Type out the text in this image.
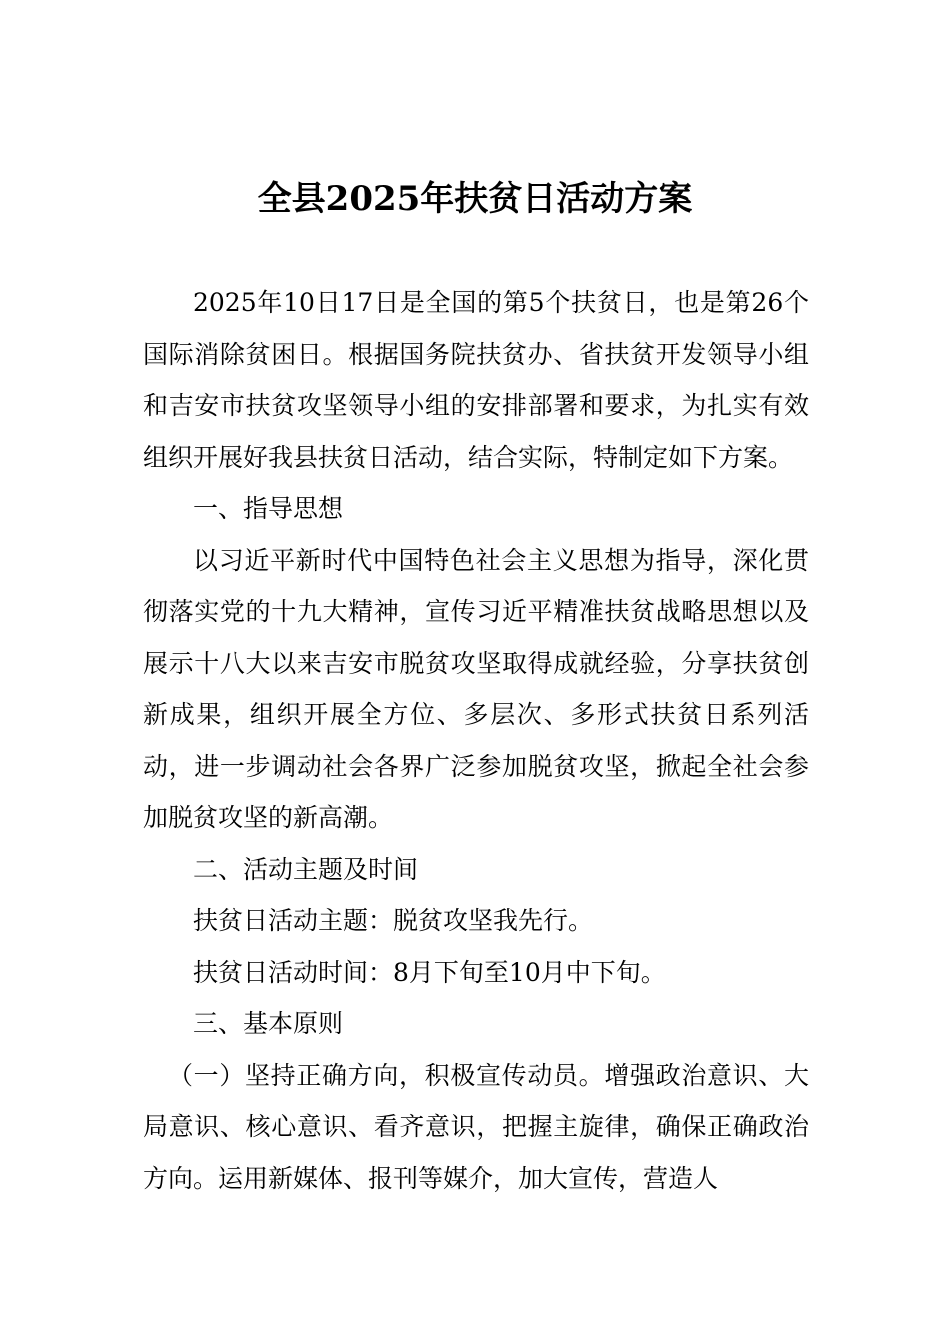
全县2025年扶贫日活动方案

2025年10日17日是全国的第5个扶贫日，也是第26个国际消除贫困日。根据国务院扶贫办、省扶贫开发领导小组和吉安市扶贫攻坚领导小组的安排部署和要求，为扎实有效组织开展好我县扶贫日活动，结合实际，特制定如下方案。

一、指导思想

以习近平新时代中国特色社会主义思想为指导，深化贯彻落实党的十九大精神，宣传习近平精准扶贫战略思想以及展示十八大以来吉安市脱贫攻坚取得成就经验，分享扶贫创新成果，组织开展全方位、多层次、多形式扶贫日系列活动，进一步调动社会各界广泛参加脱贫攻坚，掀起全社会参加脱贫攻坚的新高潮。

二、活动主题及时间

扶贫日活动主题：脱贫攻坚我先行。

扶贫日活动时间：8月下旬至10月中下旬。

三、基本原则

（一）坚持正确方向，积极宣传动员。增强政治意识、大局意识、核心意识、看齐意识，把握主旋律，确保正确政治方向。运用新媒体、报刊等媒介，加大宣传，营造人
